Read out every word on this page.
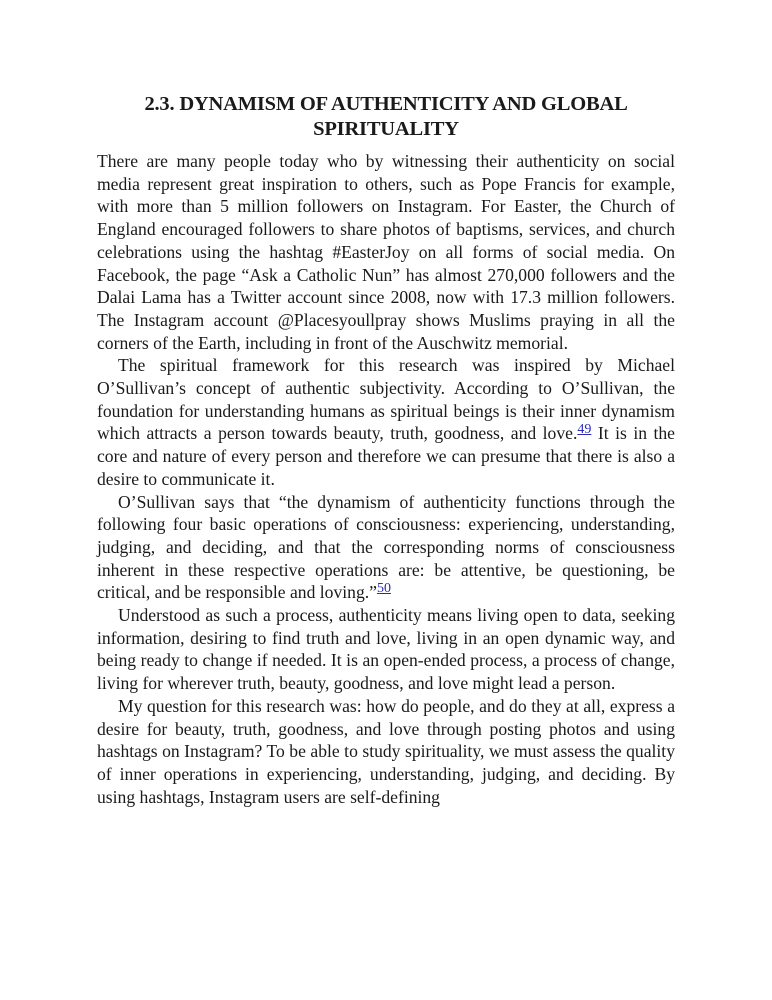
2.3. DYNAMISM OF AUTHENTICITY AND GLOBAL
SPIRITUALITY

There are many people today who by witnessing their authenticity on social media represent great inspiration to others, such as Pope Francis for example, with more than 5 million followers on Instagram. For Easter, the Church of England encouraged followers to share photos of baptisms, services, and church celebrations using the hashtag #EasterJoy on all forms of social media. On Facebook, the page “Ask a Catholic Nun” has almost 270,000 followers and the Dalai Lama has a Twitter account since 2008, now with 17.3 million followers. The Instagram account @Placesyoullpray shows Muslims praying in all the corners of the Earth, including in front of the Auschwitz memorial.

The spiritual framework for this research was inspired by Michael O’Sullivan’s concept of authentic subjectivity. According to O’Sullivan, the foundation for understanding humans as spiritual beings is their inner dynamism which attracts a person towards beauty, truth, goodness, and love.$^{49}$ It is in the core and nature of every person and therefore we can presume that there is also a desire to communicate it.

O’Sullivan says that “the dynamism of authenticity functions through the following four basic operations of consciousness: experiencing, understanding, judging, and deciding, and that the corresponding norms of consciousness inherent in these respective operations are: be attentive, be questioning, be critical, and be responsible and loving.”$^{50}$

Understood as such a process, authenticity means living open to data, seeking information, desiring to find truth and love, living in an open dynamic way, and being ready to change if needed. It is an open-ended process, a process of change, living for wherever truth, beauty, goodness, and love might lead a person.

My question for this research was: how do people, and do they at all, express a desire for beauty, truth, goodness, and love through posting photos and using hashtags on Instagram? To be able to study spirituality, we must assess the quality of inner operations in experiencing, understanding, judging, and deciding. By using hashtags, Instagram users are self-defining
